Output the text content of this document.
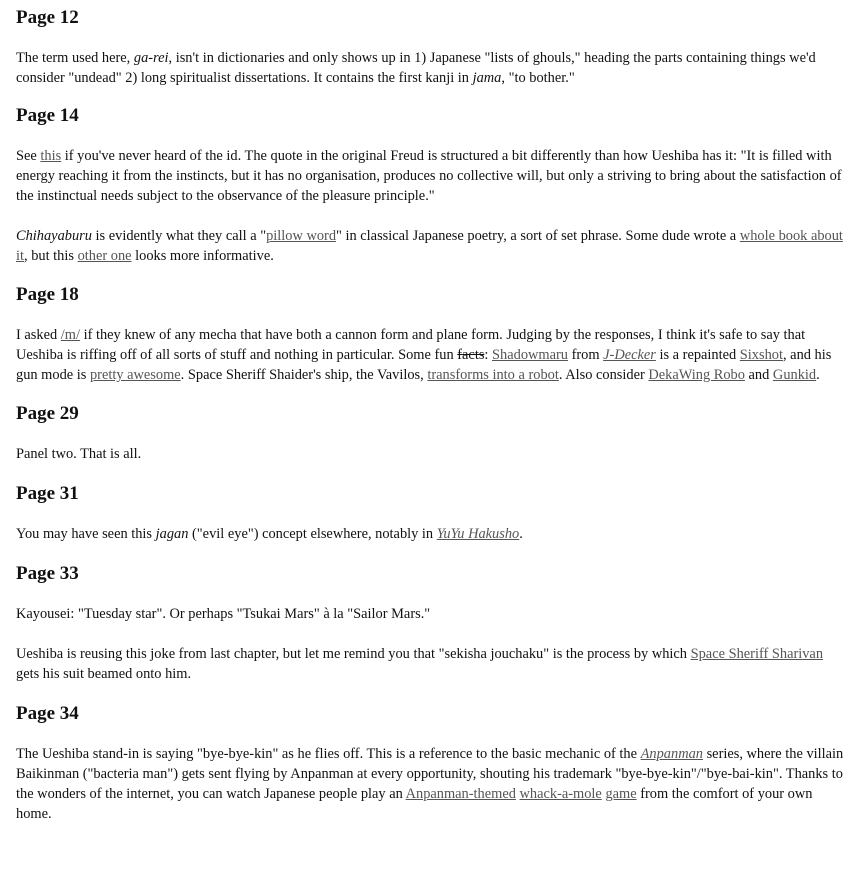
Page 12

The term used here, ga-rei, isn't in dictionaries and only shows up in 1) Japanese "lists of ghouls," heading the parts containing things we'd consider "undead" 2) long spiritualist dissertations. It contains the first kanji in jama, "to bother."

Page 14

See this if you've never heard of the id. The quote in the original Freud is structured a bit differently than how Ueshiba has it: "It is filled with energy reaching it from the instincts, but it has no organisation, produces no collective will, but only a striving to bring about the satisfaction of the instinctual needs subject to the observance of the pleasure principle."

Chihayaburu is evidently what they call a "pillow word" in classical Japanese poetry, a sort of set phrase. Some dude wrote a whole book about it, but this other one looks more informative.

Page 18

I asked /m/ if they knew of any mecha that have both a cannon form and plane form. Judging by the responses, I think it's safe to say that Ueshiba is riffing off of all sorts of stuff and nothing in particular. Some fun facts: Shadowmaru from J-Decker is a repainted Sixshot, and his gun mode is pretty awesome. Space Sheriff Shaider's ship, the Vavilos, transforms into a robot. Also consider DekaWing Robo and Gunkid.

Page 29

Panel two. That is all.

Page 31

You may have seen this jagan ("evil eye") concept elsewhere, notably in YuYu Hakusho.

Page 33

Kayousei: "Tuesday star". Or perhaps "Tsukai Mars" à la "Sailor Mars."

Ueshiba is reusing this joke from last chapter, but let me remind you that "sekisha jouchaku" is the process by which Space Sheriff Sharivan gets his suit beamed onto him.

Page 34

The Ueshiba stand-in is saying "bye-bye-kin" as he flies off. This is a reference to the basic mechanic of the Anpanman series, where the villain Baikinman ("bacteria man") gets sent flying by Anpanman at every opportunity, shouting his trademark "bye-bye-kin"/"bye-bai-kin". Thanks to the wonders of the internet, you can watch Japanese people play an Anpanman-themed whack-a-mole game from the comfort of your own home.
